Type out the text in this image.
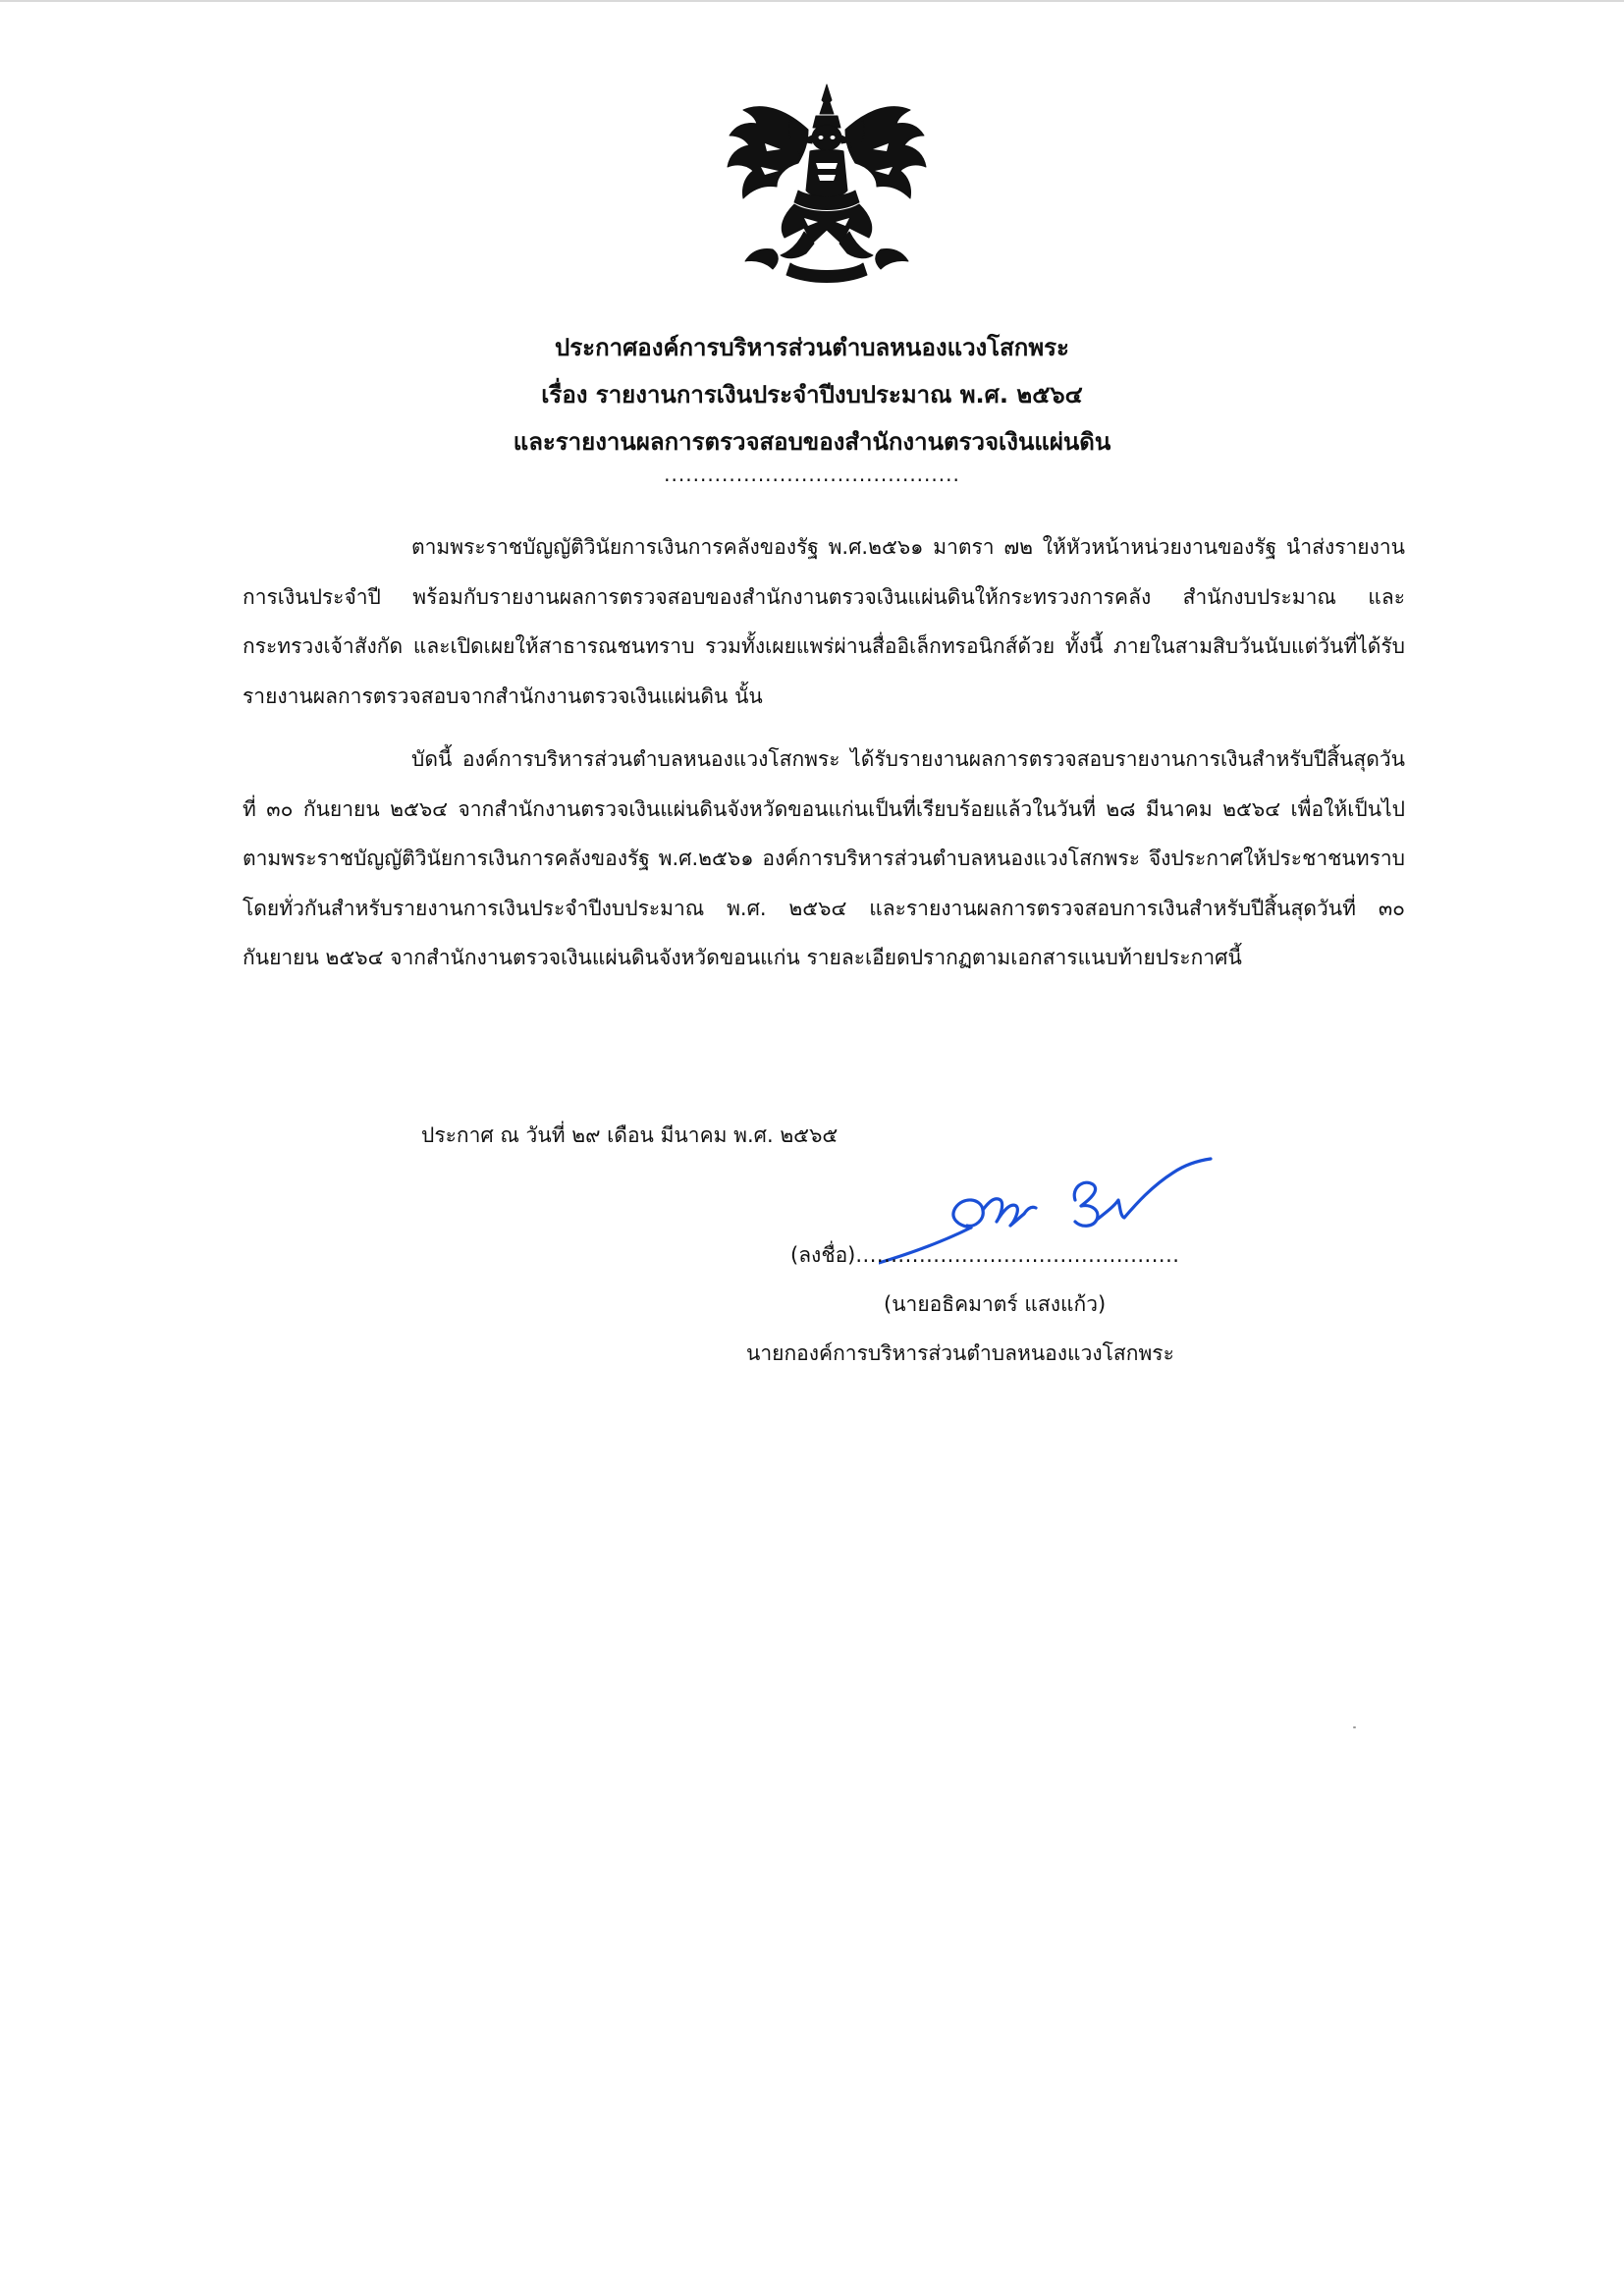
ประกาศองค์การบริหารส่วนตำบลหนองแวงโสกพระ
เรื่อง รายงานการเงินประจำปีงบประมาณ พ.ศ. ๒๕๖๔
และรายงานผลการตรวจสอบของสำนักงานตรวจเงินแผ่นดิน
.........................................

ตามพระราชบัญญัติวินัยการเงินการคลังของรัฐ พ.ศ.๒๕๖๑ มาตรา ๗๒ ให้หัวหน้าหน่วยงานของรัฐ นำส่งรายงานการเงินประจำปี พร้อมกับรายงานผลการตรวจสอบของสำนักงานตรวจเงินแผ่นดินให้กระทรวงการคลัง สำนักงบประมาณ และกระทรวงเจ้าสังกัด และเปิดเผยให้สาธารณชนทราบ รวมทั้งเผยแพร่ผ่านสื่ออิเล็กทรอนิกส์ด้วย ทั้งนี้ ภายในสามสิบวันนับแต่วันที่ได้รับรายงานผลการตรวจสอบจากสำนักงานตรวจเงินแผ่นดิน นั้น

บัดนี้ องค์การบริหารส่วนตำบลหนองแวงโสกพระ ได้รับรายงานผลการตรวจสอบรายงานการเงินสำหรับปีสิ้นสุดวันที่ ๓๐ กันยายน ๒๕๖๔ จากสำนักงานตรวจเงินแผ่นดินจังหวัดขอนแก่นเป็นที่เรียบร้อยแล้วในวันที่ ๒๘ มีนาคม ๒๕๖๔ เพื่อให้เป็นไปตามพระราชบัญญัติวินัยการเงินการคลังของรัฐ พ.ศ.๒๕๖๑ องค์การบริหารส่วนตำบลหนองแวงโสกพระ จึงประกาศให้ประชาชนทราบโดยทั่วกันสำหรับรายงานการเงินประจำปีงบประมาณ พ.ศ. ๒๕๖๔ และรายงานผลการตรวจสอบการเงินสำหรับปีสิ้นสุดวันที่ ๓๐ กันยายน ๒๕๖๔ จากสำนักงานตรวจเงินแผ่นดินจังหวัดขอนแก่น รายละเอียดปรากฏตามเอกสารแนบท้ายประกาศนี้

ประกาศ ณ วันที่ ๒๙ เดือน มีนาคม พ.ศ. ๒๕๖๕
(ลงชื่อ)..............................................
(นายอธิคมาตร์ แสงแก้ว)
นายกองค์การบริหารส่วนตำบลหนองแวงโสกพระ
